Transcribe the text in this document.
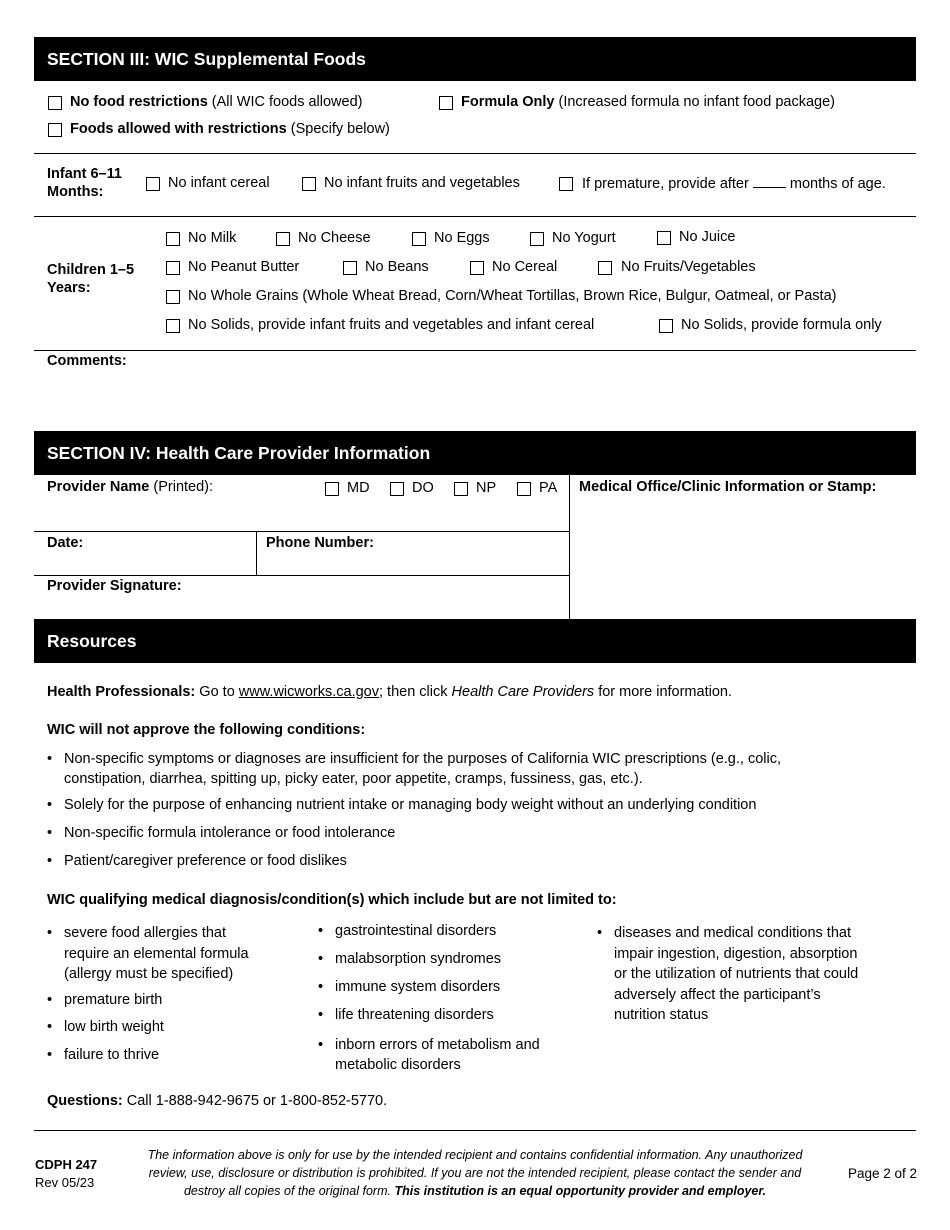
SECTION III: WIC Supplemental Foods
No food restrictions (All WIC foods allowed)	Formula Only (Increased formula no infant food package)
Foods allowed with restrictions (Specify below)
Infant 6–11
Months:
No infant cereal	No infant fruits and vegetables	If premature, provide after	months of age.
Children 1–5
Years:
No Milk	No Cheese	No Eggs	No Yogurt	No Juice
No Peanut Butter	No Beans	No Cereal	No Fruits/Vegetables
No Whole Grains (Whole Wheat Bread, Corn/Wheat Tortillas, Brown Rice, Bulgur, Oatmeal, or Pasta)
No Solids, provide infant fruits and vegetables and infant cereal	No Solids, provide formula only
Comments:
SECTION IV: Health Care Provider Information
Provider Name (Printed):	MD	DO	NP	PA Medical Office/Clinic Information or Stamp:
Date:	Phone Number:
Provider Signature:
Resources
Health Professionals: Go to www.wicworks.ca.gov; then click Health Care Providers for more information.
WIC will not approve the following conditions:
• Non-specific symptoms or diagnoses are insufficient for the purposes of California WIC prescriptions (e.g., colic,
constipation, diarrhea, spitting up, picky eater, poor appetite, cramps, fussiness, gas, etc.).
• Solely for the purpose of enhancing nutrient intake or managing body weight without an underlying condition
• Non-specific formula intolerance or food intolerance
• Patient/caregiver preference or food dislikes
WIC qualifying medical diagnosis/condition(s) which include but are not limited to:
• severe food allergies that
require an elemental formula
(allergy must be specified)
• premature birth
• low birth weight
• failure to thrive
• gastrointestinal disorders
• malabsorption syndromes
• immune system disorders
• life threatening disorders
• inborn errors of metabolism and
metabolic disorders
• diseases and medical conditions that
impair ingestion, digestion, absorption
or the utilization of nutrients that could
adversely affect the participant’s
nutrition status
Questions: Call 1-888-942-9675 or 1-800-852-5770.
CDPH 247
Rev 05/23
The information above is only for use by the intended recipient and contains confidential information. Any unauthorized
review, use, disclosure or distribution is prohibited. If you are not the intended recipient, please contact the sender and
destroy all copies of the original form. This institution is an equal opportunity provider and employer.
Page 2 of 2
